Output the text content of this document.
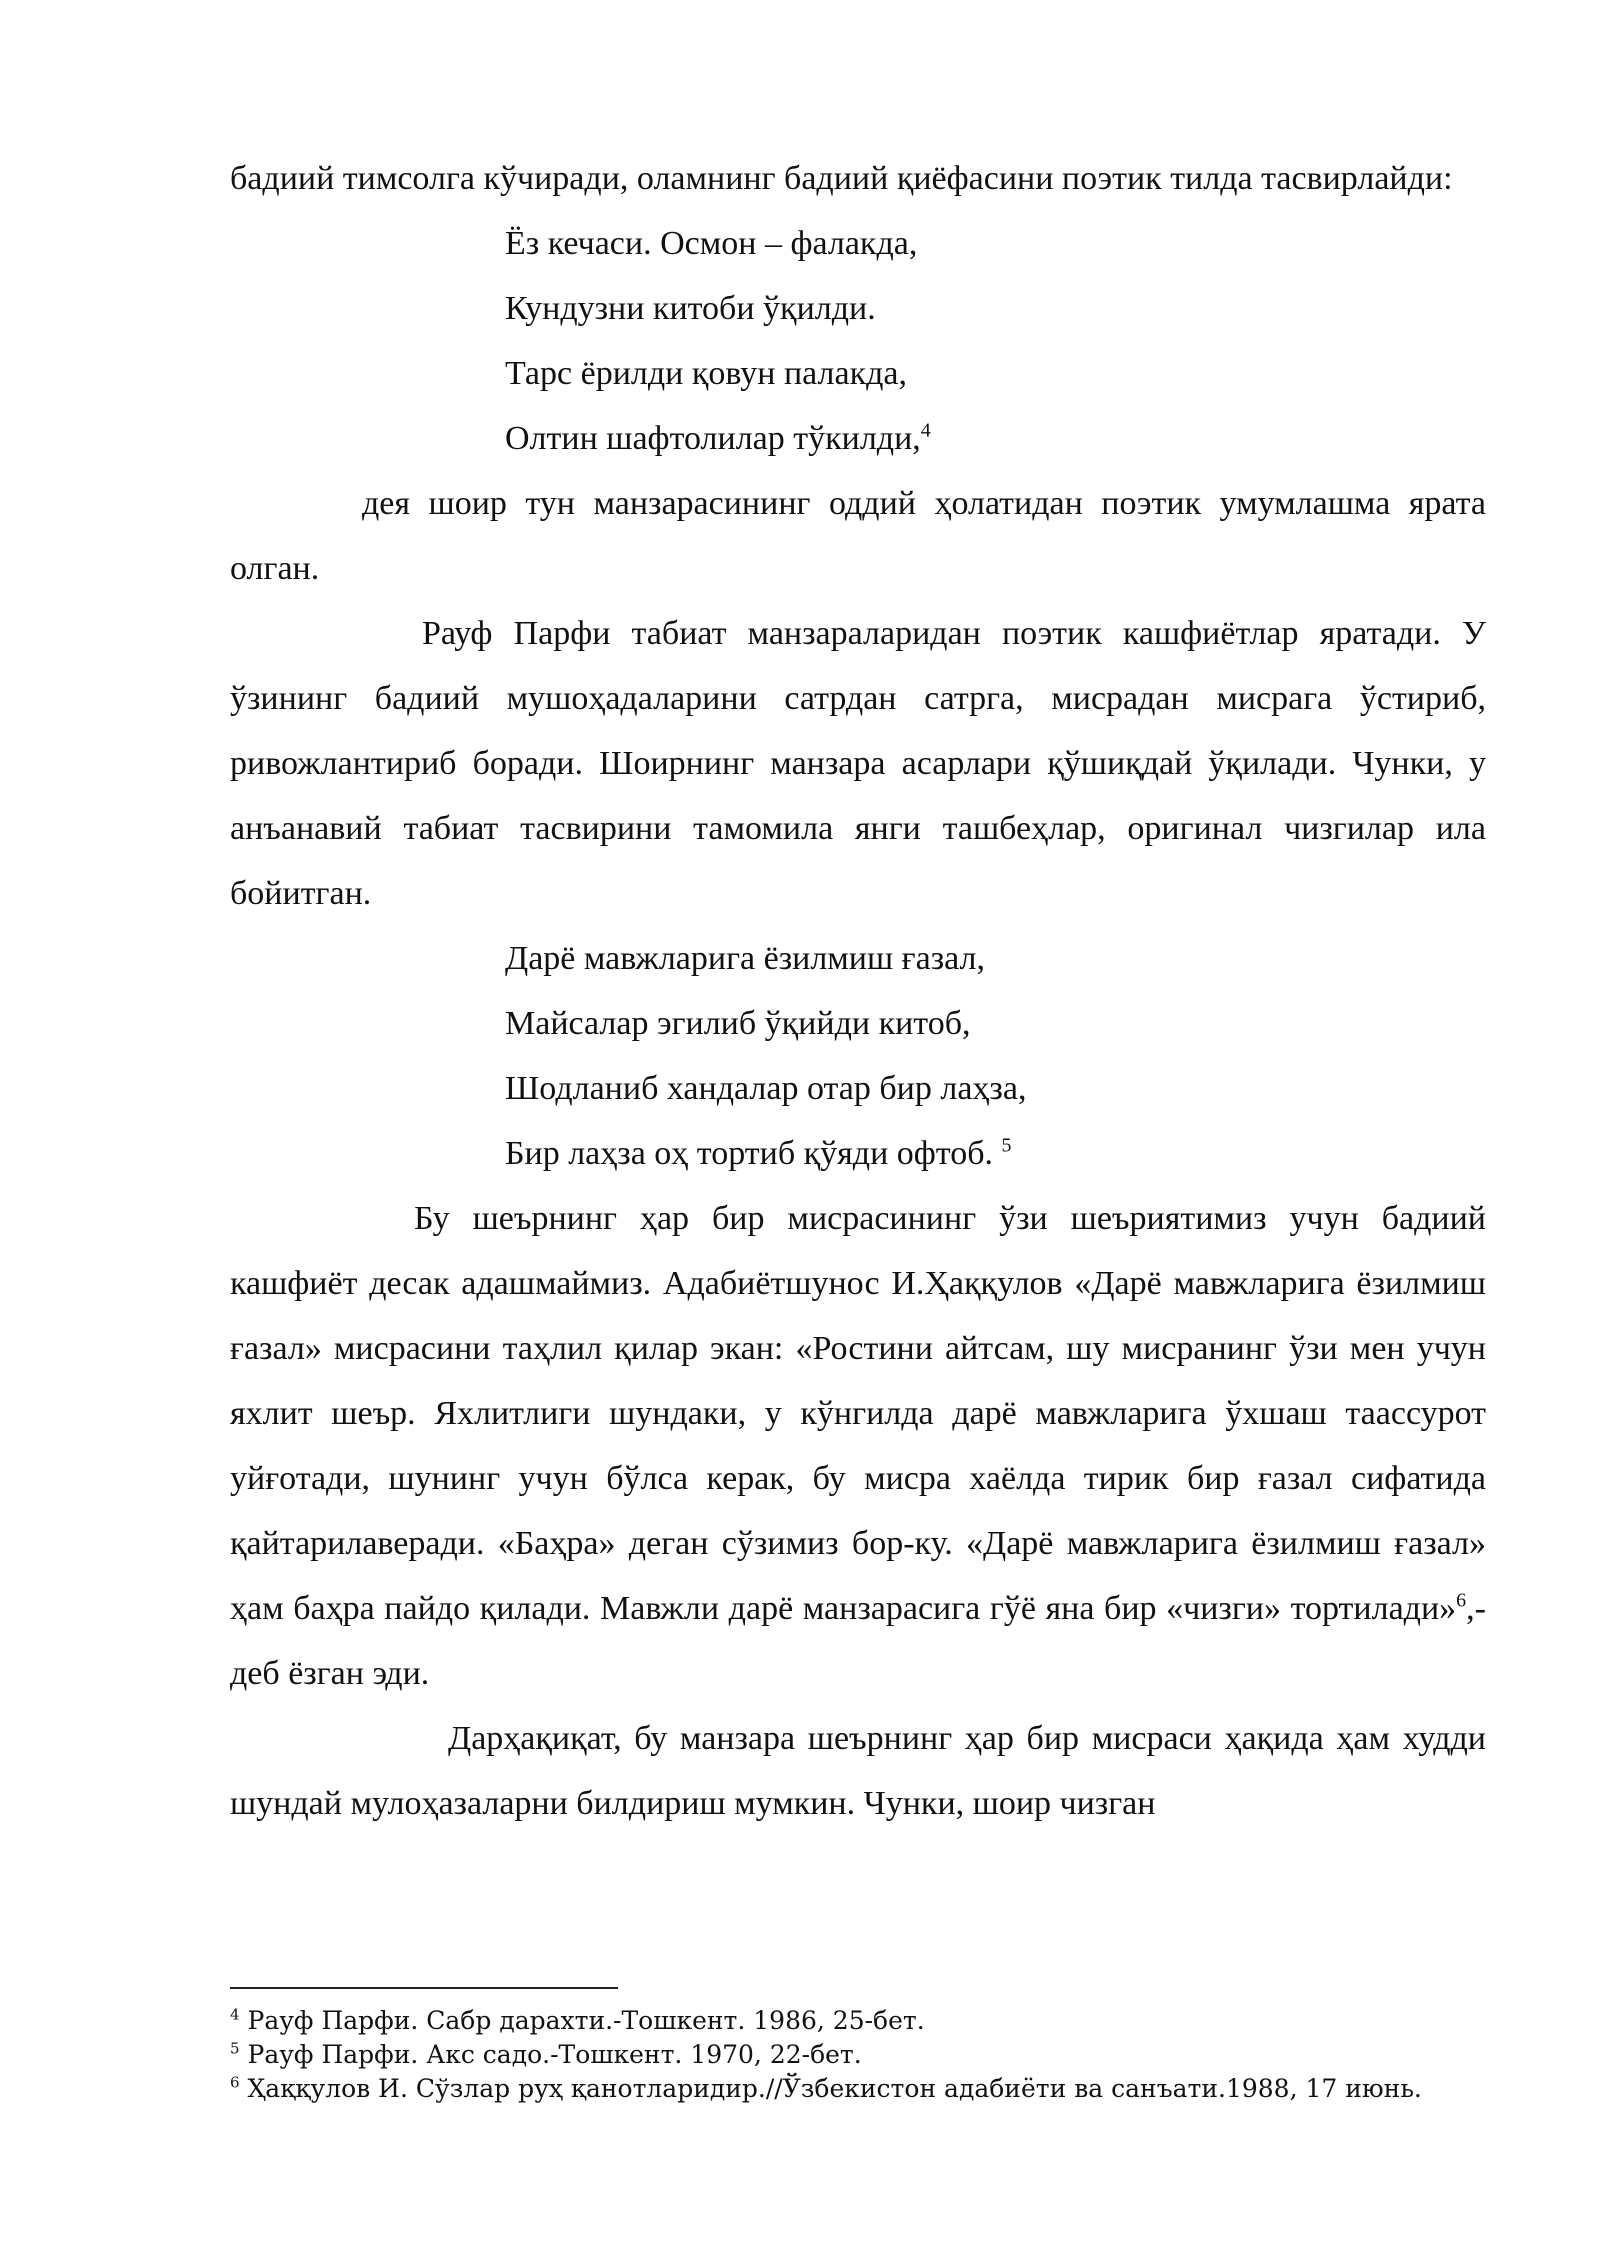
бадиий тимсолга кўчиради, оламнинг бадиий қиёфасини поэтик тилда тасвирлайди:

Ёз кечаси. Осмон – фалакда,

Кундузни китоби ўқилди.

Тарс ёрилди қовун палакда,

Олтин шафтолилар тўкилди,$^4$

дея шоир тун манзарасининг оддий ҳолатидан поэтик умумлашма ярата олган.

Рауф Парфи табиат манзараларидан поэтик кашфиётлар яратади. У ўзининг бадиий мушоҳадаларини сатрдан сатрга, мисрадан мисрага ўстириб, ривожлантириб боради. Шоирнинг манзара асарлари қўшиқдай ўқилади. Чунки, у анъанавий табиат тасвирини тамомила янги ташбеҳлар, оригинал чизгилар ила бойитган.

Дарё мавжларига ёзилмиш ғазал,

Майсалар эгилиб ўқийди китоб,

Шодланиб хандалар отар бир лаҳза,

Бир лаҳза оҳ тортиб қўяди офтоб. $^5$

Бу шеърнинг ҳар бир мисрасининг ўзи шеъриятимиз учун бадиий кашфиёт десак адашмаймиз. Адабиётшунос И.Ҳаққулов «Дарё мавжларига ёзилмиш ғазал» мисрасини таҳлил қилар экан: «Ростини айтсам, шу мисранинг ўзи мен учун яхлит шеър. Яхлитлиги шундаки, у кўнгилда дарё мавжларига ўхшаш таассурот уйғотади, шунинг учун бўлса керак, бу мисра хаёлда тирик бир ғазал сифатида қайтарилаверади. «Баҳра» деган сўзимиз бор-ку. «Дарё мавжларига ёзилмиш ғазал» ҳам баҳра пайдо қилади. Мавжли дарё манзарасига гўё яна бир «чизги» тортилади»$^6$,- деб ёзган эди.

Дарҳақиқат, бу манзара шеърнинг ҳар бир мисраси ҳақида ҳам худди шундай мулоҳазаларни билдириш мумкин. Чунки, шоир чизган

$^4$ Рауф Парфи. Сабр дарахти.-Тошкент. 1986, 25-бет.

$^5$ Рауф Парфи. Акс садо.-Тошкент. 1970, 22-бет.

$^6$ Ҳаққулов И. Сўзлар руҳ қанотларидир.//Ўзбекистон адабиёти ва санъати.1988, 17 июнь.
